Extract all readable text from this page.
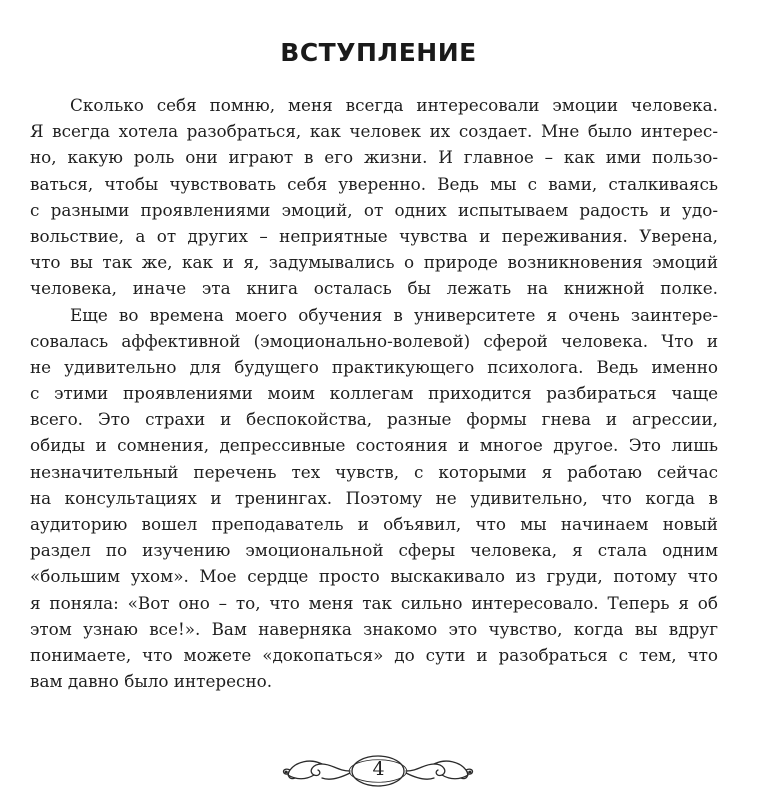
ВСТУПЛЕНИЕ
Сколько себя помню, меня всегда интересовали эмоции человека.
Я всегда хотела разобраться, как человек их создает. Мне было интерес-
но, какую роль они играют в его жизни. И главное – как ими пользо-
ваться, чтобы чувствовать себя уверенно. Ведь мы с вами, сталкиваясь
с разными проявлениями эмоций, от одних испытываем радость и удо-
вольствие, а от других – неприятные чувства и переживания. Уверена,
что вы так же, как и я, задумывались о природе возникновения эмоций
человека, иначе эта книга осталась бы лежать на книжной полке.
Еще во времена моего обучения в университете я очень заинтере-
совалась аффективной (эмоционально-волевой) сферой человека. Что и
не удивительно для будущего практикующего психолога. Ведь именно
с этими проявлениями моим коллегам приходится разбираться чаще
всего. Это страхи и беспокойства, разные формы гнева и агрессии,
обиды и сомнения, депрессивные состояния и многое другое. Это лишь
незначительный перечень тех чувств, с которыми я работаю сейчас
на консультациях и тренингах. Поэтому не удивительно, что когда в
аудиторию вошел преподаватель и объявил, что мы начинаем новый
раздел по изучению эмоциональной сферы человека, я стала одним
«большим ухом». Мое сердце просто выскакивало из груди, потому что
я поняла: «Вот оно – то, что меня так сильно интересовало. Теперь я об
этом узнаю все!». Вам наверняка знакомо это чувство, когда вы вдруг
понимаете, что можете «докопаться» до сути и разобраться с тем, что
вам давно было интересно.
4
